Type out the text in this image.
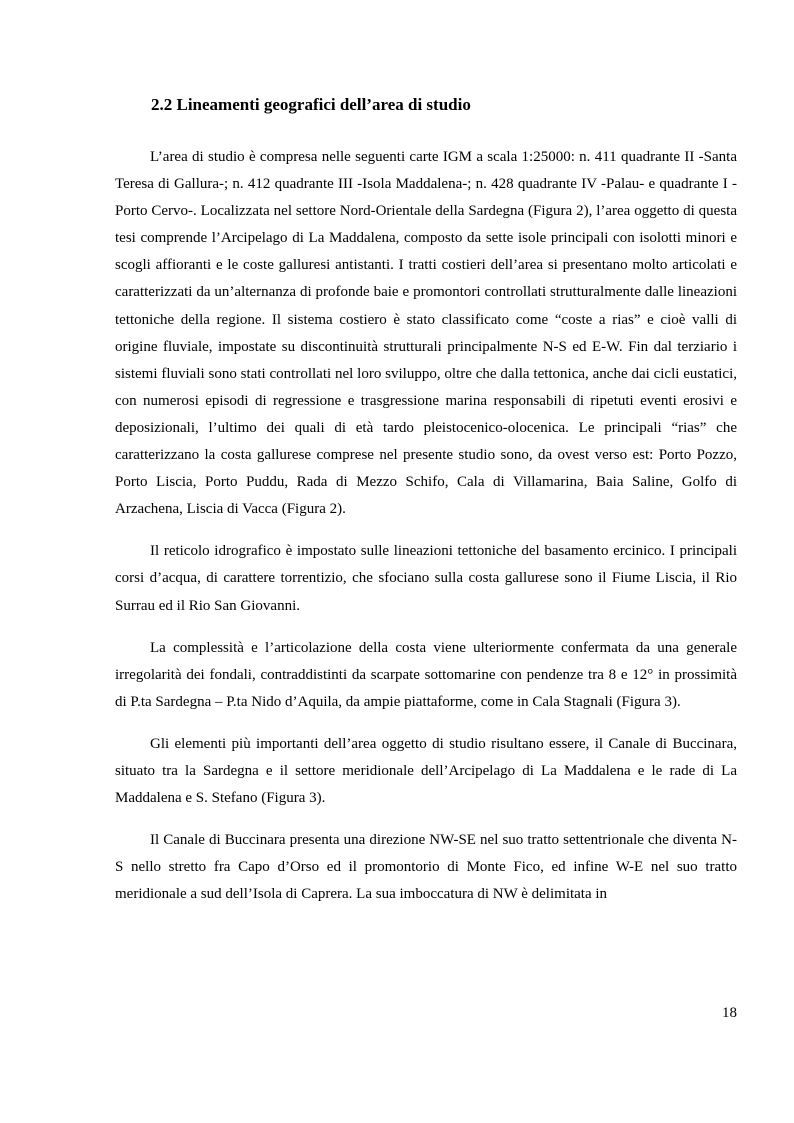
2.2 Lineamenti geografici dell’area di studio

L’area di studio è compresa nelle seguenti carte IGM a scala 1:25000: n. 411 quadrante II -Santa Teresa di Gallura-; n. 412 quadrante III -Isola Maddalena-; n. 428 quadrante IV -Palau- e quadrante I -Porto Cervo-. Localizzata nel settore Nord-Orientale della Sardegna (Figura 2), l’area oggetto di questa tesi comprende l’Arcipelago di La Maddalena, composto da sette isole principali con isolotti minori e scogli affioranti e le coste galluresi antistanti. I tratti costieri dell’area si presentano molto articolati e caratterizzati da un’alternanza di profonde baie e promontori controllati strutturalmente dalle lineazioni tettoniche della regione. Il sistema costiero è stato classificato come “coste a rias” e cioè valli di origine fluviale, impostate su discontinuità strutturali principalmente N-S ed E-W. Fin dal terziario i sistemi fluviali sono stati controllati nel loro sviluppo, oltre che dalla tettonica, anche dai cicli eustatici, con numerosi episodi di regressione e trasgressione marina responsabili di ripetuti eventi erosivi e deposizionali, l’ultimo dei quali di età tardo pleistocenico-olocenica. Le principali “rias” che caratterizzano la costa gallurese comprese nel presente studio sono, da ovest verso est: Porto Pozzo, Porto Liscia, Porto Puddu, Rada di Mezzo Schifo, Cala di Villamarina, Baia Saline, Golfo di Arzachena, Liscia di Vacca (Figura 2).

Il reticolo idrografico è impostato sulle lineazioni tettoniche del basamento ercinico. I principali corsi d’acqua, di carattere torrentizio, che sfociano sulla costa gallurese sono il Fiume Liscia, il Rio Surrau ed il Rio San Giovanni.

La complessità e l’articolazione della costa viene ulteriormente confermata da una generale irregolarità dei fondali, contraddistinti da scarpate sottomarine con pendenze tra 8 e 12° in prossimità di P.ta Sardegna – P.ta Nido d’Aquila, da ampie piattaforme, come in Cala Stagnali (Figura 3).

Gli elementi più importanti dell’area oggetto di studio risultano essere, il Canale di Buccinara, situato tra la Sardegna e il settore meridionale dell’Arcipelago di La Maddalena e le rade di La Maddalena e S. Stefano (Figura 3).

Il Canale di Buccinara presenta una direzione NW-SE nel suo tratto settentrionale che diventa N-S nello stretto fra Capo d’Orso ed il promontorio di Monte Fico, ed infine W-E nel suo tratto meridionale a sud dell’Isola di Caprera. La sua imboccatura di NW è delimitata in

18
